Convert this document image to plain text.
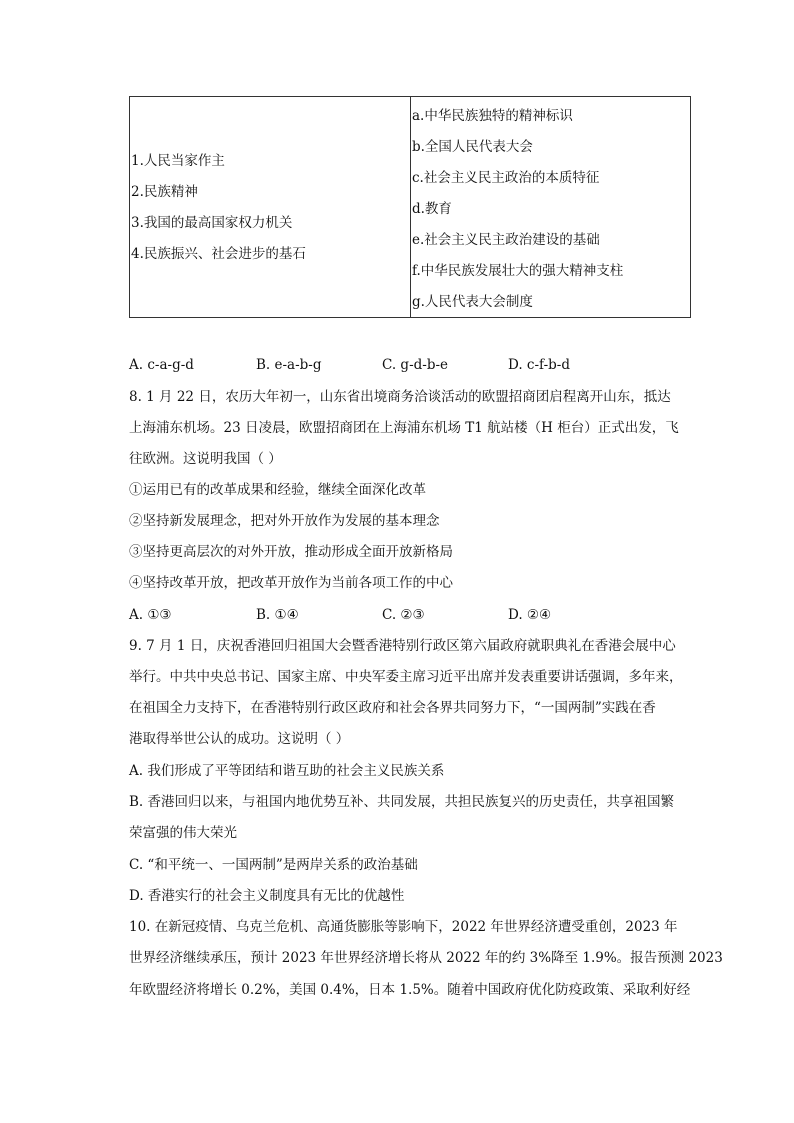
1.人民当家作主
2.民族精神
3.我国的最高国家权力机关
4.民族振兴、社会进步的基石
a.中华民族独特的精神标识
b.全国人民代表大会
c.社会主义民主政治的本质特征
d.教育
e.社会主义民主政治建设的基础
f.中华民族发展壮大的强大精神支柱
g.人民代表大会制度
A. c-a-g-d	B. e-a-b-g	C. g-d-b-e	D. c-f-b-d
8. 1 月 22 日，农历大年初一，山东省出境商务洽谈活动的欧盟招商团启程离开山东，抵达
上海浦东机场。23 日凌晨，欧盟招商团在上海浦东机场 T1 航站楼（H 柜台）正式出发，飞
往欧洲。这说明我国（ ）
①运用已有的改革成果和经验，继续全面深化改革
②坚持新发展理念，把对外开放作为发展的基本理念
③坚持更高层次的对外开放，推动形成全面开放新格局
④坚持改革开放，把改革开放作为当前各项工作的中心
A. ①③	B. ①④	C. ②③	D. ②④
9. 7 月 1 日，庆祝香港回归祖国大会暨香港特别行政区第六届政府就职典礼在香港会展中心
举行。中共中央总书记、国家主席、中央军委主席习近平出席并发表重要讲话强调，多年来，
在祖国全力支持下，在香港特别行政区政府和社会各界共同努力下，“一国两制”实践在香
港取得举世公认的成功。这说明（ ）
A. 我们形成了平等团结和谐互助的社会主义民族关系
B. 香港回归以来，与祖国内地优势互补、共同发展，共担民族复兴的历史责任，共享祖国繁
荣富强的伟大荣光
C. “和平统一、一国两制”是两岸关系的政治基础
D. 香港实行的社会主义制度具有无比的优越性
10. 在新冠疫情、乌克兰危机、高通货膨胀等影响下，2022 年世界经济遭受重创，2023 年
世界经济继续承压，预计 2023 年世界经济增长将从 2022 年的约 3%降至 1.9%。报告预测 2023
年欧盟经济将增长 0.2%，美国 0.4%，日本 1.5%。随着中国政府优化防疫政策、采取利好经
